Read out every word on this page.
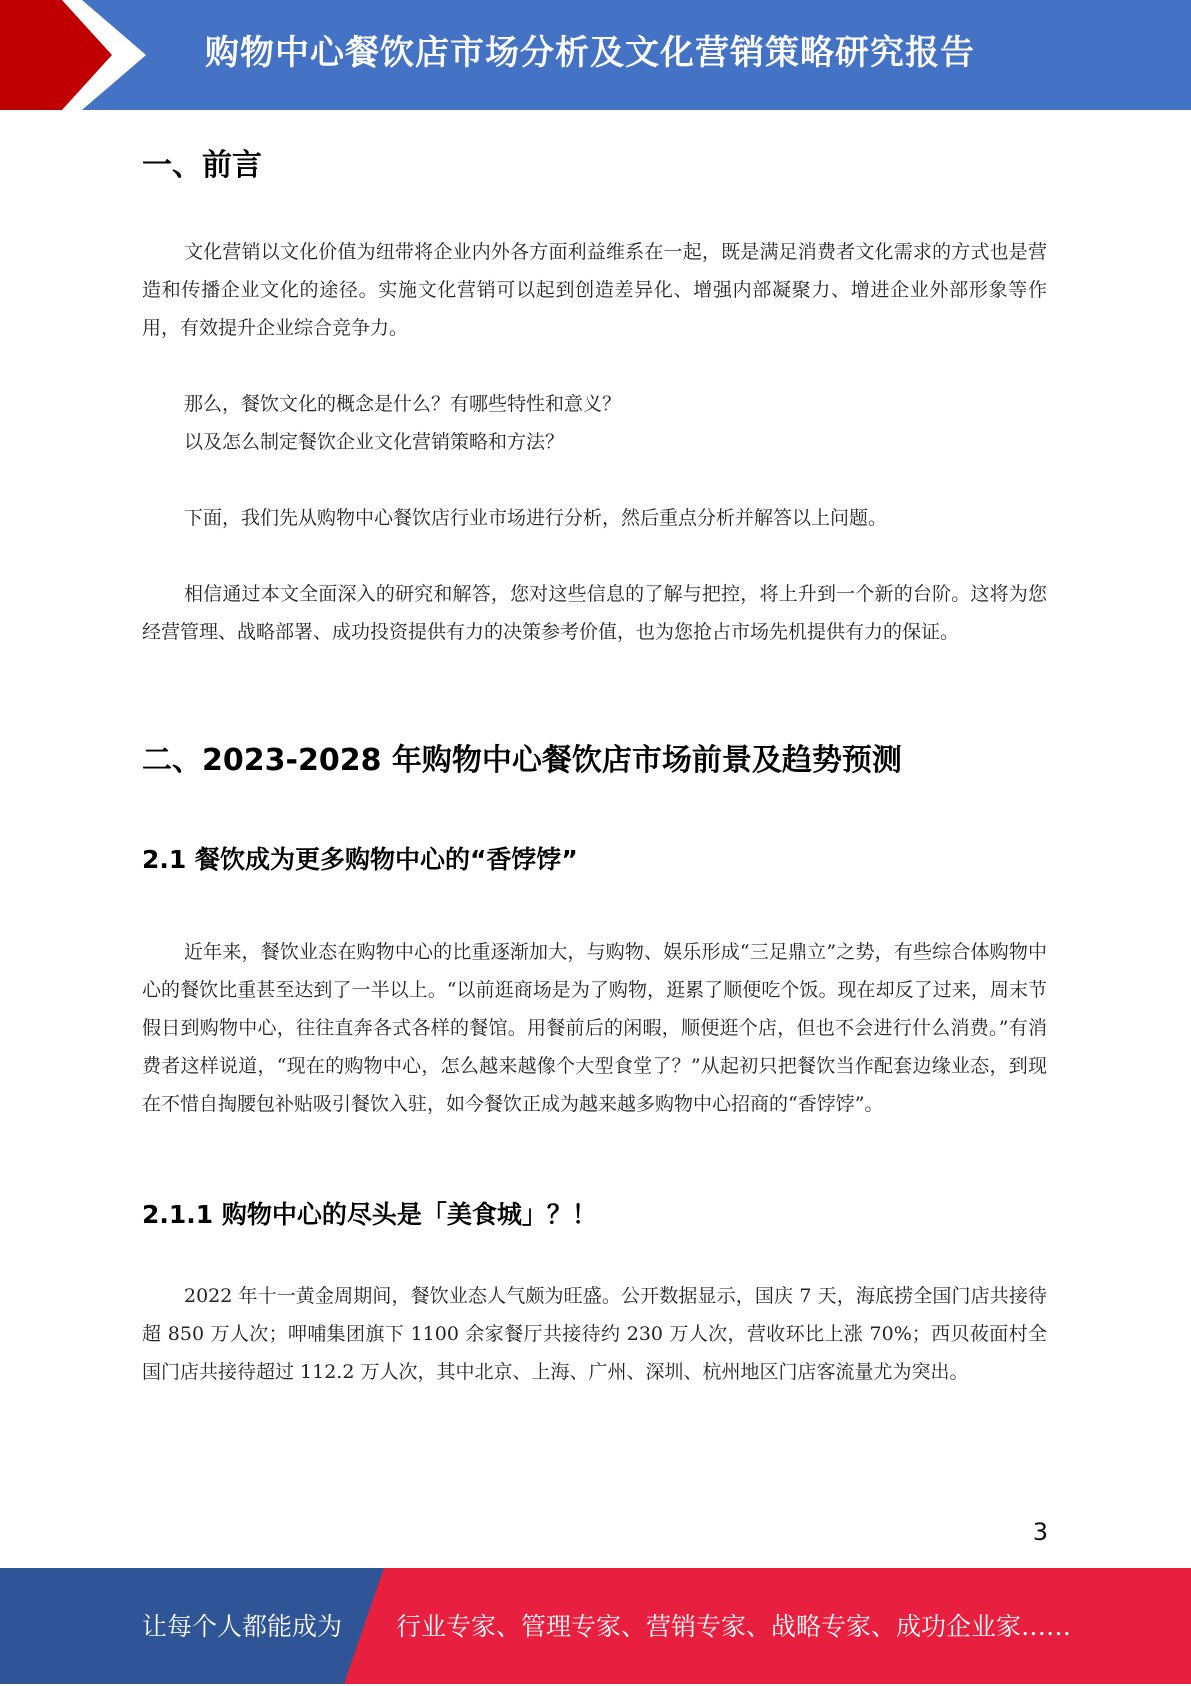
购物中心餐饮店市场分析及文化营销策略研究报告
一、前言

文化营销以文化价值为纽带将企业内外各方面利益维系在一起，既是满足消费者文化需求的方式也是营造和传播企业文化的途径。实施文化营销可以起到创造差异化、增强内部凝聚力、增进企业外部形象等作用，有效提升企业综合竞争力。

那么，餐饮文化的概念是什么？有哪些特性和意义？

以及怎么制定餐饮企业文化营销策略和方法？

下面，我们先从购物中心餐饮店行业市场进行分析，然后重点分析并解答以上问题。

相信通过本文全面深入的研究和解答，您对这些信息的了解与把控，将上升到一个新的台阶。这将为您经营管理、战略部署、成功投资提供有力的决策参考价值，也为您抢占市场先机提供有力的保证。

二、2023-2028 年购物中心餐饮店市场前景及趋势预测
2.1 餐饮成为更多购物中心的“香饽饽”

近年来，餐饮业态在购物中心的比重逐渐加大，与购物、娱乐形成“三足鼎立”之势，有些综合体购物中心的餐饮比重甚至达到了一半以上。“以前逛商场是为了购物，逛累了顺便吃个饭。现在却反了过来，周末节假日到购物中心，往往直奔各式各样的餐馆。用餐前后的闲暇，顺便逛个店，但也不会进行什么消费。”有消费者这样说道，“现在的购物中心，怎么越来越像个大型食堂了？”从起初只把餐饮当作配套边缘业态，到现在不惜自掏腰包补贴吸引餐饮入驻，如今餐饮正成为越来越多购物中心招商的“香饽饽”。

2.1.1 购物中心的尽头是「美食城」？！

2022 年十一黄金周期间，餐饮业态人气颇为旺盛。公开数据显示，国庆 7 天，海底捞全国门店共接待超 850 万人次；呷哺集团旗下 1100 余家餐厅共接待约 230 万人次，营收环比上涨 70%；西贝莜面村全国门店共接待超过 112.2 万人次，其中北京、上海、广州、深圳、杭州地区门店客流量尤为突出。

3
让每个人都能成为 行业专家、管理专家、营销专家、战略专家、成功企业家……
